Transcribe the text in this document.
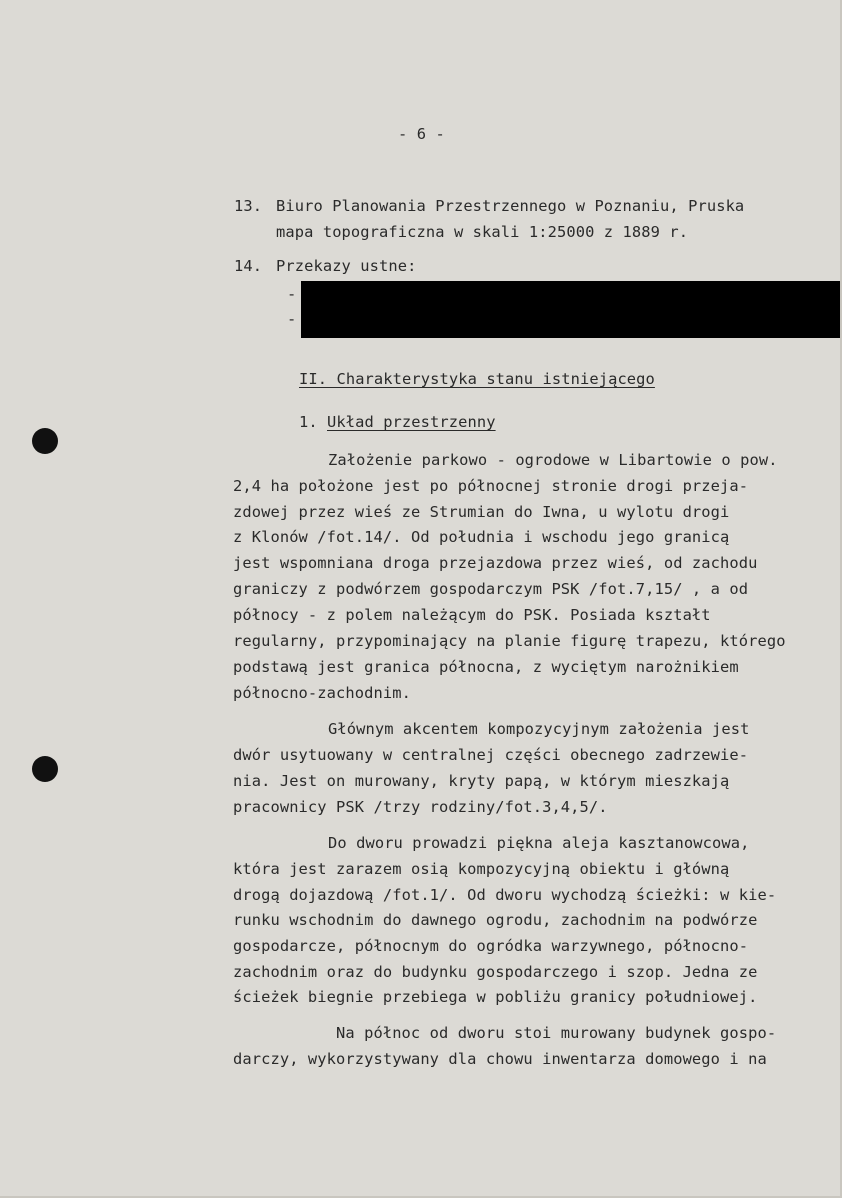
- 6 -
13. Biuro Planowania Przestrzennego w Poznaniu, Pruska
mapa topograficzna w skali 1:25000 z 1889 r.
14. Przekazy ustne:
-
-
II. Charakterystyka stanu istniejącego
1. Układ przestrzenny
Założenie parkowo - ogrodowe w Libartowie o pow.
2,4 ha położone jest po północnej stronie drogi przeja-
zdowej przez wieś ze Strumian do Iwna, u wylotu drogi
z Klonów /fot.14/. Od południa i wschodu jego granicą
jest wspomniana droga przejazdowa przez wieś, od zachodu
graniczy z podwórzem gospodarczym PSK /fot.7,15/ , a od
północy - z polem należącym do PSK. Posiada kształt
regularny, przypominający na planie figurę trapezu, którego
podstawą jest granica północna, z wyciętym narożnikiem
północno-zachodnim.
Głównym akcentem kompozycyjnym założenia jest
dwór usytuowany w centralnej części obecnego zadrzewie-
nia. Jest on murowany, kryty papą, w którym mieszkają
pracownicy PSK /trzy rodziny/fot.3,4,5/.
Do dworu prowadzi piękna aleja kasztanowcowa,
która jest zarazem osią kompozycyjną obiektu i główną
drogą dojazdową /fot.1/. Od dworu wychodzą ścieżki: w kie-
runku wschodnim do dawnego ogrodu, zachodnim na podwórze
gospodarcze, północnym do ogródka warzywnego, północno-
zachodnim oraz do budynku gospodarczego i szop. Jedna ze
ścieżek biegnie przebiega w pobliżu granicy południowej.
Na północ od dworu stoi murowany budynek gospo-
darczy, wykorzystywany dla chowu inwentarza domowego i na
